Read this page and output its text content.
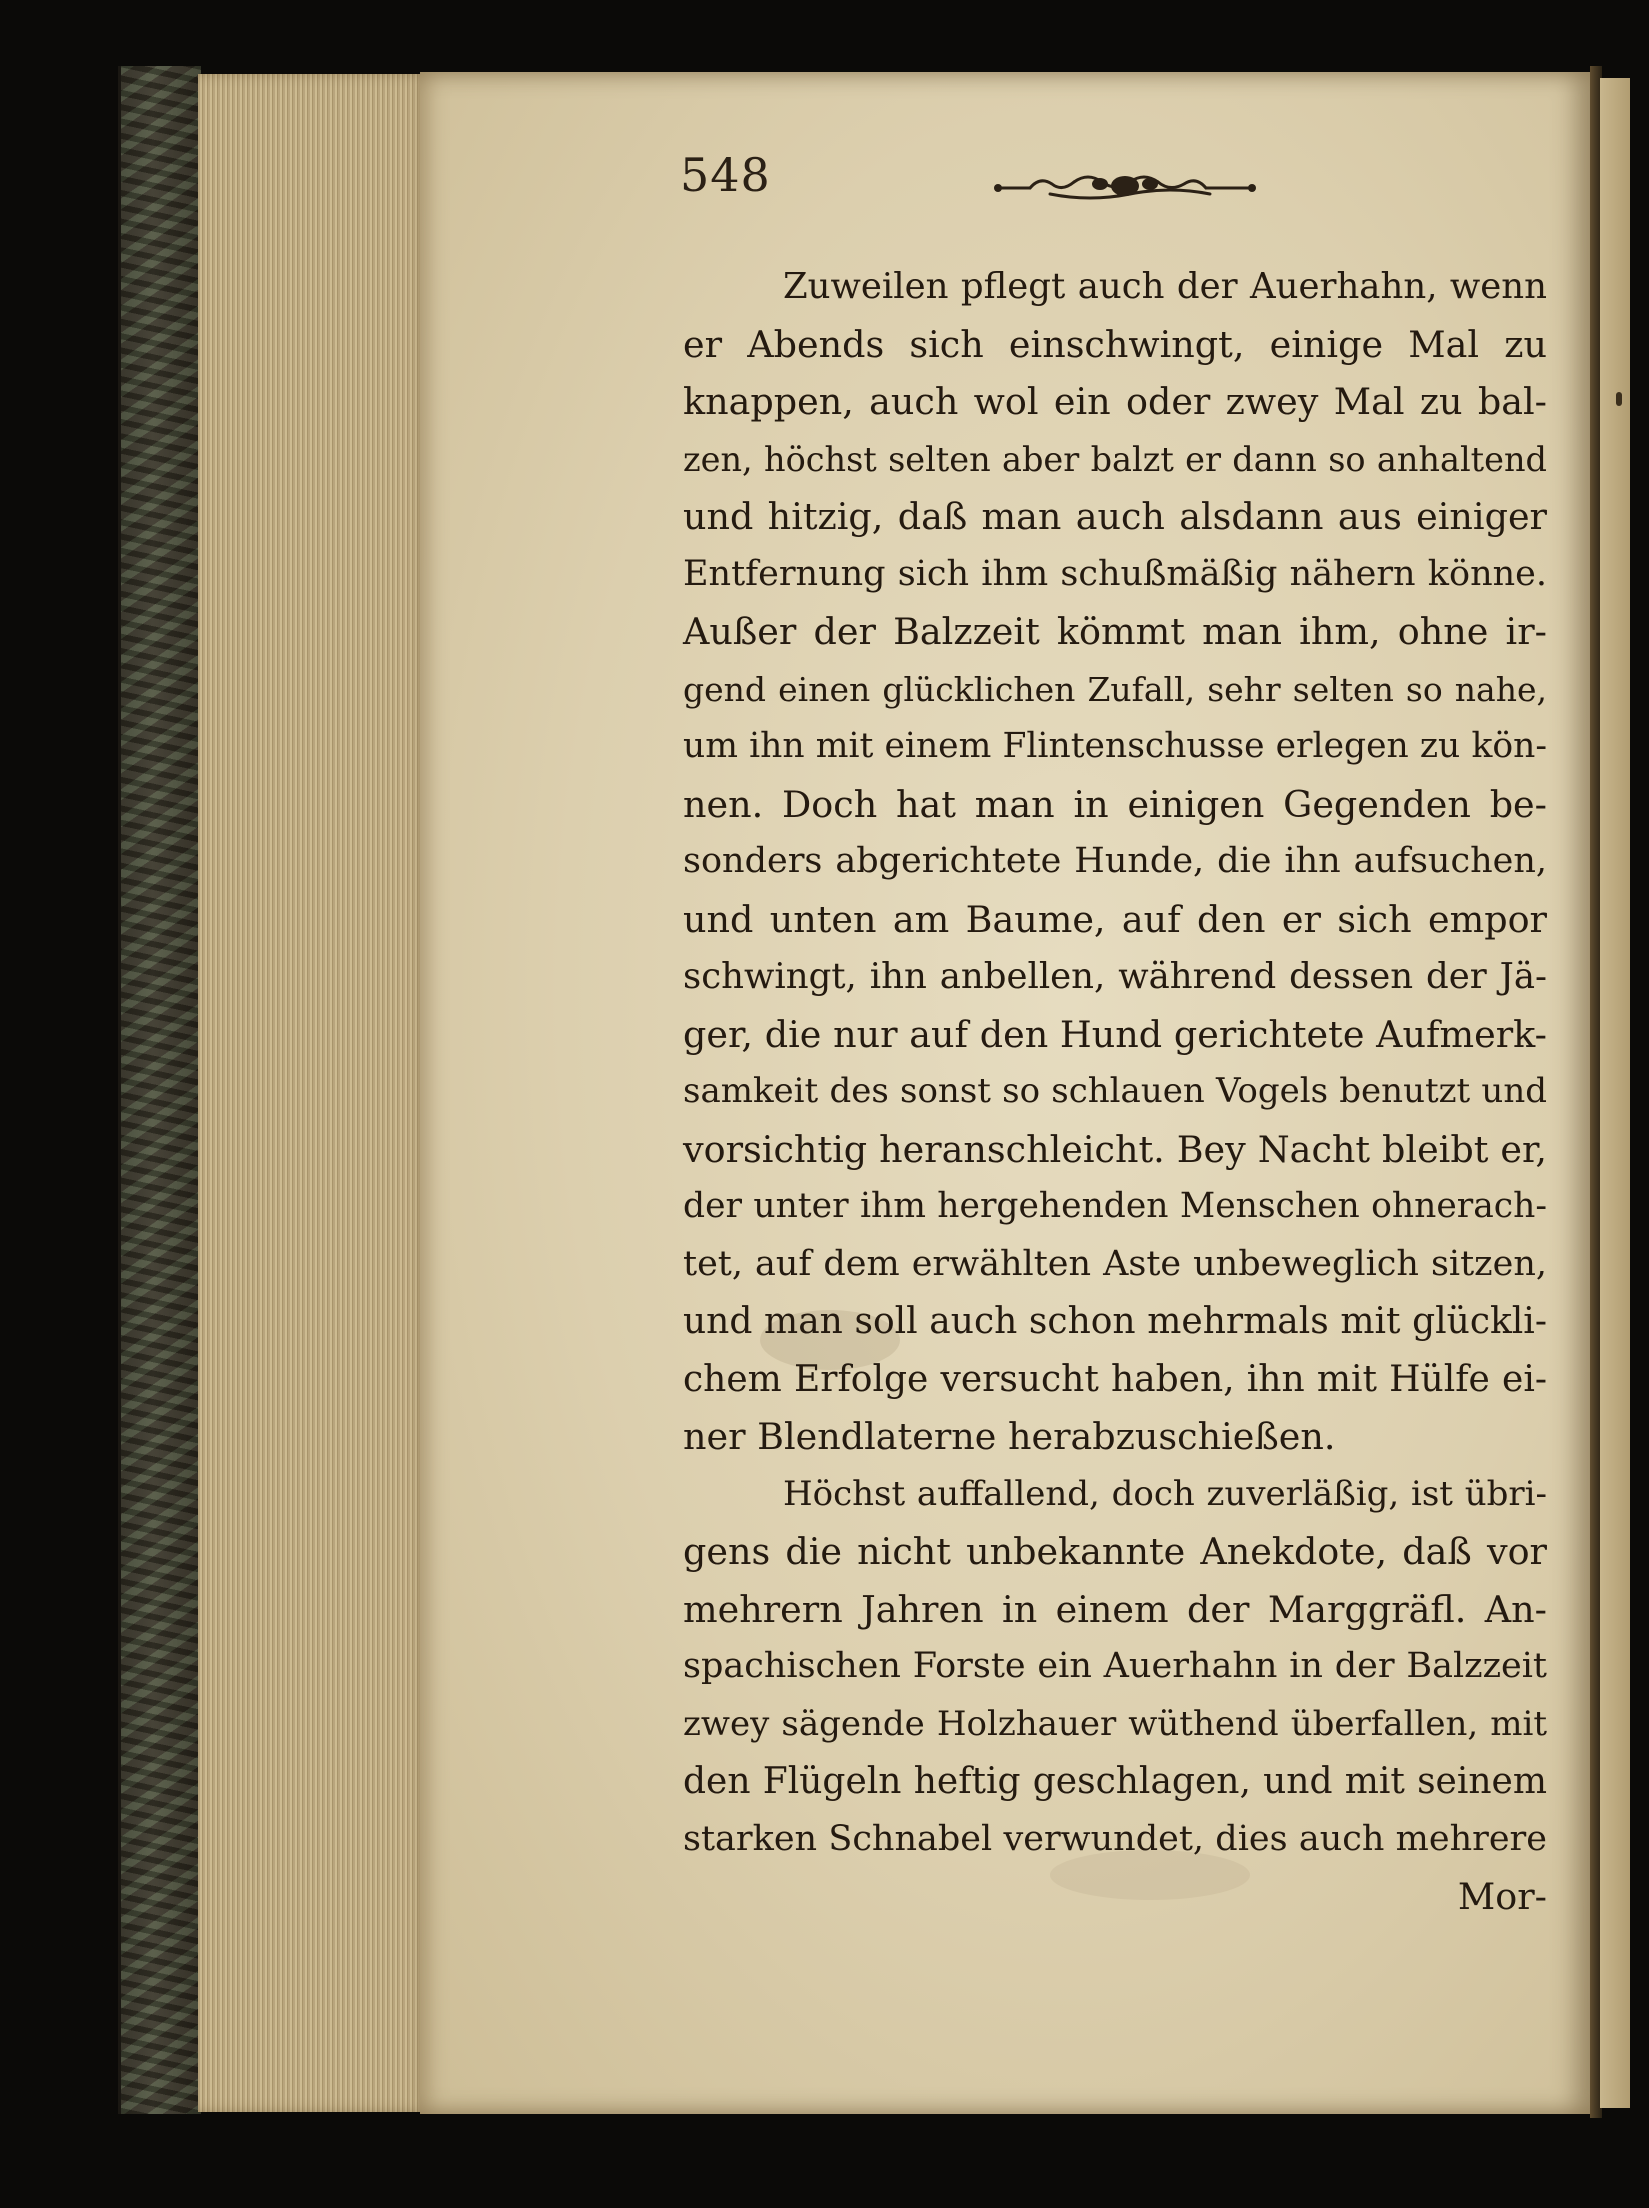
548
Zuweilen pflegt auch der Auerhahn, wenn
er Abends sich einschwingt, einige Mal zu
knappen, auch wol ein oder zwey Mal zu bal-
zen, höchst selten aber balzt er dann so anhaltend
und hitzig, daß man auch alsdann aus einiger
Entfernung sich ihm schußmäßig nähern könne.
Außer der Balzzeit kömmt man ihm, ohne ir-
gend einen glücklichen Zufall, sehr selten so nahe,
um ihn mit einem Flintenschusse erlegen zu kön-
nen. Doch hat man in einigen Gegenden be-
sonders abgerichtete Hunde, die ihn aufsuchen,
und unten am Baume, auf den er sich empor
schwingt, ihn anbellen, während dessen der Jä-
ger, die nur auf den Hund gerichtete Aufmerk-
samkeit des sonst so schlauen Vogels benutzt und
vorsichtig heranschleicht. Bey Nacht bleibt er,
der unter ihm hergehenden Menschen ohnerach-
tet, auf dem erwählten Aste unbeweglich sitzen,
und man soll auch schon mehrmals mit glückli-
chem Erfolge versucht haben, ihn mit Hülfe ei-
ner Blendlaterne herabzuschießen.
Höchst auffallend, doch zuverläßig, ist übri-
gens die nicht unbekannte Anekdote, daß vor
mehrern Jahren in einem der Marggräfl. An-
spachischen Forste ein Auerhahn in der Balzzeit
zwey sägende Holzhauer wüthend überfallen, mit
den Flügeln heftig geschlagen, und mit seinem
starken Schnabel verwundet, dies auch mehrere
Mor-
